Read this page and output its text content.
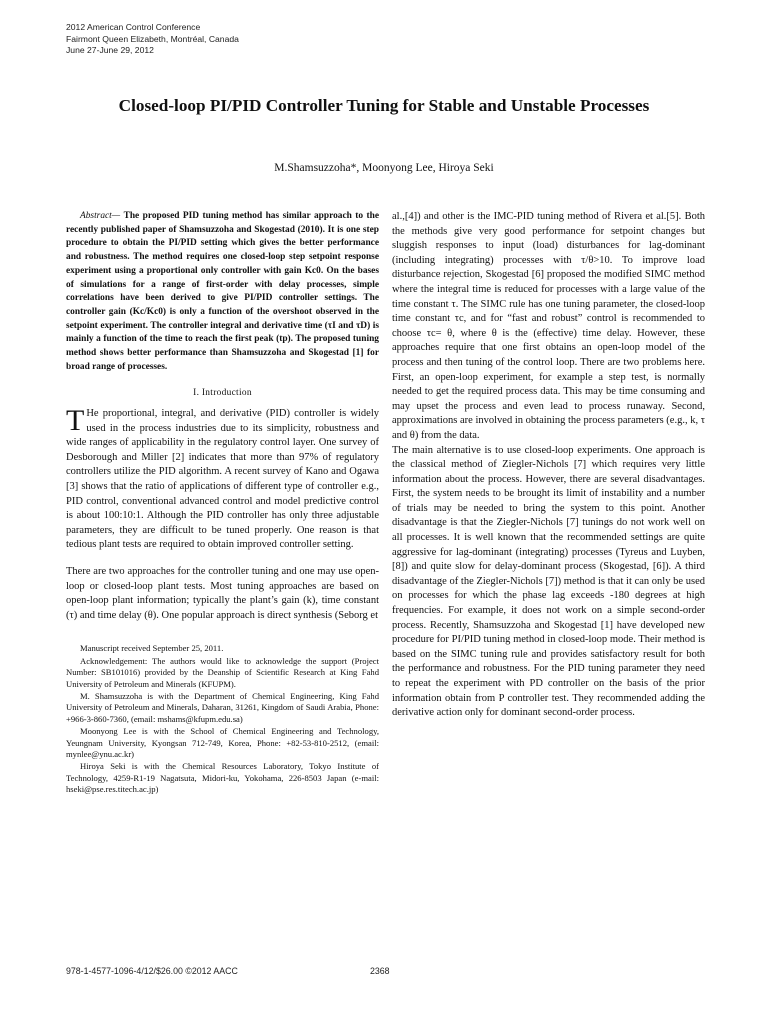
2012 American Control Conference
Fairmont Queen Elizabeth, Montréal, Canada
June 27-June 29, 2012
Closed-loop PI/PID Controller Tuning for Stable and Unstable Processes
M.Shamsuzzoha*, Moonyong Lee, Hiroya Seki

Abstract— The proposed PID tuning method has similar approach to the recently published paper of Shamsuzzoha and Skogestad (2010). It is one step procedure to obtain the PI/PID setting which gives the better performance and robustness. The method requires one closed-loop step setpoint response experiment using a proportional only controller with gain Kc0. On the bases of simulations for a range of first-order with delay processes, simple correlations have been derived to give PI/PID controller settings. The controller gain (Kc/Kc0) is only a function of the overshoot observed in the setpoint experiment. The controller integral and derivative time (τI and τD) is mainly a function of the time to reach the first peak (tp). The proposed tuning method shows better performance than Shamsuzzoha and Skogestad [1] for broad range of processes.

I. Introduction

T He proportional, integral, and derivative (PID) controller is widely used in the process industries due to its simplicity, robustness and wide ranges of applicability in the regulatory control layer. One survey of Desborough and Miller [2] indicates that more than 97% of regulatory controllers utilize the PID algorithm. A recent survey of Kano and Ogawa [3] shows that the ratio of applications of different type of controller e.g., PID control, conventional advanced control and model predictive control is about 100:10:1. Although the PID controller has only three adjustable parameters, they are difficult to be tuned properly. One reason is that tedious plant tests are required to obtain improved controller setting.

There are two approaches for the controller tuning and one may use open-loop or closed-loop plant tests. Most tuning approaches are based on open-loop plant information; typically the plant’s gain (k), time constant (τ) and time delay (θ). One popular approach is direct synthesis (Seborg et

Manuscript received September 25, 2011.

Acknowledgement: The authors would like to acknowledge the support (Project Number: SB101016) provided by the Deanship of Scientific Research at King Fahd University of Petroleum and Minerals (KFUPM).

M. Shamsuzzoha is with the Department of Chemical Engineering, King Fahd University of Petroleum and Minerals, Daharan, 31261, Kingdom of Saudi Arabia, Phone: +966-3-860-7360, (email: mshams@kfupm.edu.sa)

Moonyong Lee is with the School of Chemical Engineering and Technology, Yeungnam University, Kyongsan 712-749, Korea, Phone: +82-53-810-2512, (email: mynlee@ynu.ac.kr)

Hiroya Seki is with the Chemical Resources Laboratory, Tokyo Institute of Technology, 4259-R1-19 Nagatsuta, Midori-ku, Yokohama, 226-8503 Japan (e-mail: hseki@pse.res.titech.ac.jp)

al.,[4]) and other is the IMC-PID tuning method of Rivera et al.[5]. Both the methods give very good performance for setpoint changes but sluggish responses to input (load) disturbances for lag-dominant (including integrating) processes with τ/θ>10. To improve load disturbance rejection, Skogestad [6] proposed the modified SIMC method where the integral time is reduced for processes with a large value of the time constant τ. The SIMC rule has one tuning parameter, the closed-loop time constant τc, and for “fast and robust” control is recommended to choose τc= θ, where θ is the (effective) time delay. However, these approaches require that one first obtains an open-loop model of the process and then tuning of the control loop. There are two problems here. First, an open-loop experiment, for example a step test, is normally needed to get the required process data. This may be time consuming and may upset the process and even lead to process runaway. Second, approximations are involved in obtaining the process parameters (e.g., k, τ and θ) from the data.

The main alternative is to use closed-loop experiments. One approach is the classical method of Ziegler-Nichols [7] which requires very little information about the process. However, there are several disadvantages. First, the system needs to be brought its limit of instability and a number of trials may be needed to bring the system to this point. Another disadvantage is that the Ziegler-Nichols [7] tunings do not work well on all processes. It is well known that the recommended settings are quite aggressive for lag-dominant (integrating) processes (Tyreus and Luyben,[8]) and quite slow for delay-dominant process (Skogestad, [6]). A third disadvantage of the Ziegler-Nichols [7]) method is that it can only be used on processes for which the phase lag exceeds -180 degrees at high frequencies. For example, it does not work on a simple second-order process. Recently, Shamsuzzoha and Skogestad [1] have developed new procedure for PI/PID tuning method in closed-loop mode. Their method is based on the SIMC tuning rule and provides satisfactory result for both the performance and robustness. For the PID tuning parameter they need to repeat the experiment with PD controller on the basis of the prior information obtain from P controller test. They recommended adding the derivative action only for dominant second-order process.

978-1-4577-1096-4/12/$26.00 ©2012 AACC	2368
